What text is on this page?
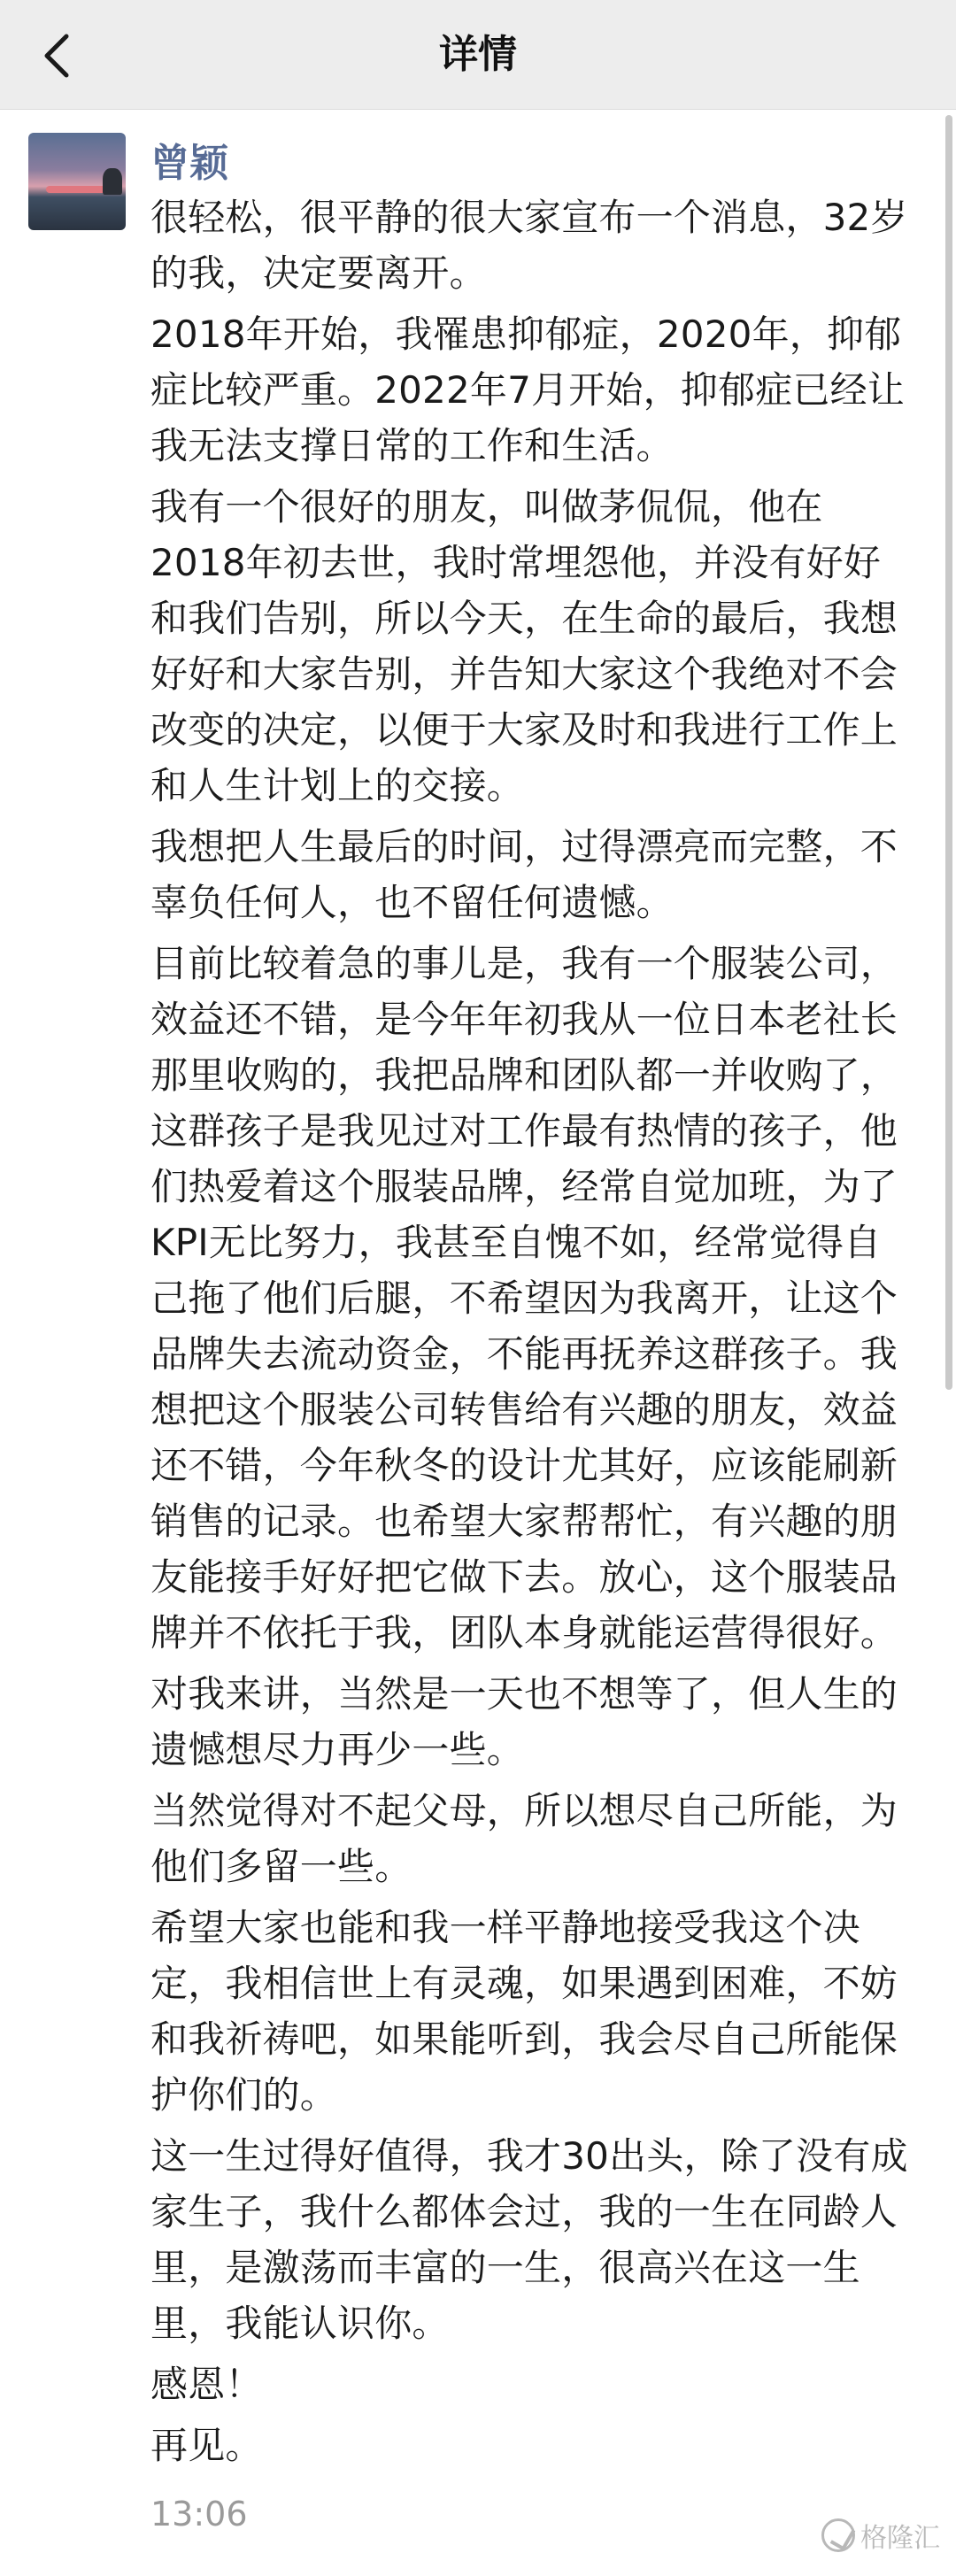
详情
曾颖

很轻松，很平静的很大家宣布一个消息，32岁的我，决定要离开。

2018年开始，我罹患抑郁症，2020年，抑郁症比较严重。2022年7月开始，抑郁症已经让我无法支撑日常的工作和生活。

我有一个很好的朋友，叫做茅侃侃，他在2018年初去世，我时常埋怨他，并没有好好和我们告别，所以今天，在生命的最后，我想好好和大家告别，并告知大家这个我绝对不会改变的决定，以便于大家及时和我进行工作上和人生计划上的交接。

我想把人生最后的时间，过得漂亮而完整，不辜负任何人，也不留任何遗憾。

目前比较着急的事儿是，我有一个服装公司，效益还不错，是今年年初我从一位日本老社长那里收购的，我把品牌和团队都一并收购了，这群孩子是我见过对工作最有热情的孩子，他们热爱着这个服装品牌，经常自觉加班，为了KPI无比努力，我甚至自愧不如，经常觉得自己拖了他们后腿，不希望因为我离开，让这个品牌失去流动资金，不能再抚养这群孩子。我想把这个服装公司转售给有兴趣的朋友，效益还不错，今年秋冬的设计尤其好，应该能刷新销售的记录。也希望大家帮帮忙，有兴趣的朋友能接手好好把它做下去。放心，这个服装品牌并不依托于我，团队本身就能运营得很好。

对我来讲，当然是一天也不想等了，但人生的遗憾想尽力再少一些。

当然觉得对不起父母，所以想尽自己所能，为他们多留一些。

希望大家也能和我一样平静地接受我这个决定，我相信世上有灵魂，如果遇到困难，不妨和我祈祷吧，如果能听到，我会尽自己所能保护你们的。

这一生过得好值得，我才30出头，除了没有成家生子，我什么都体会过，我的一生在同龄人里，是激荡而丰富的一生，很高兴在这一生里，我能认识你。

感恩！

再见。

13:06
格隆汇
